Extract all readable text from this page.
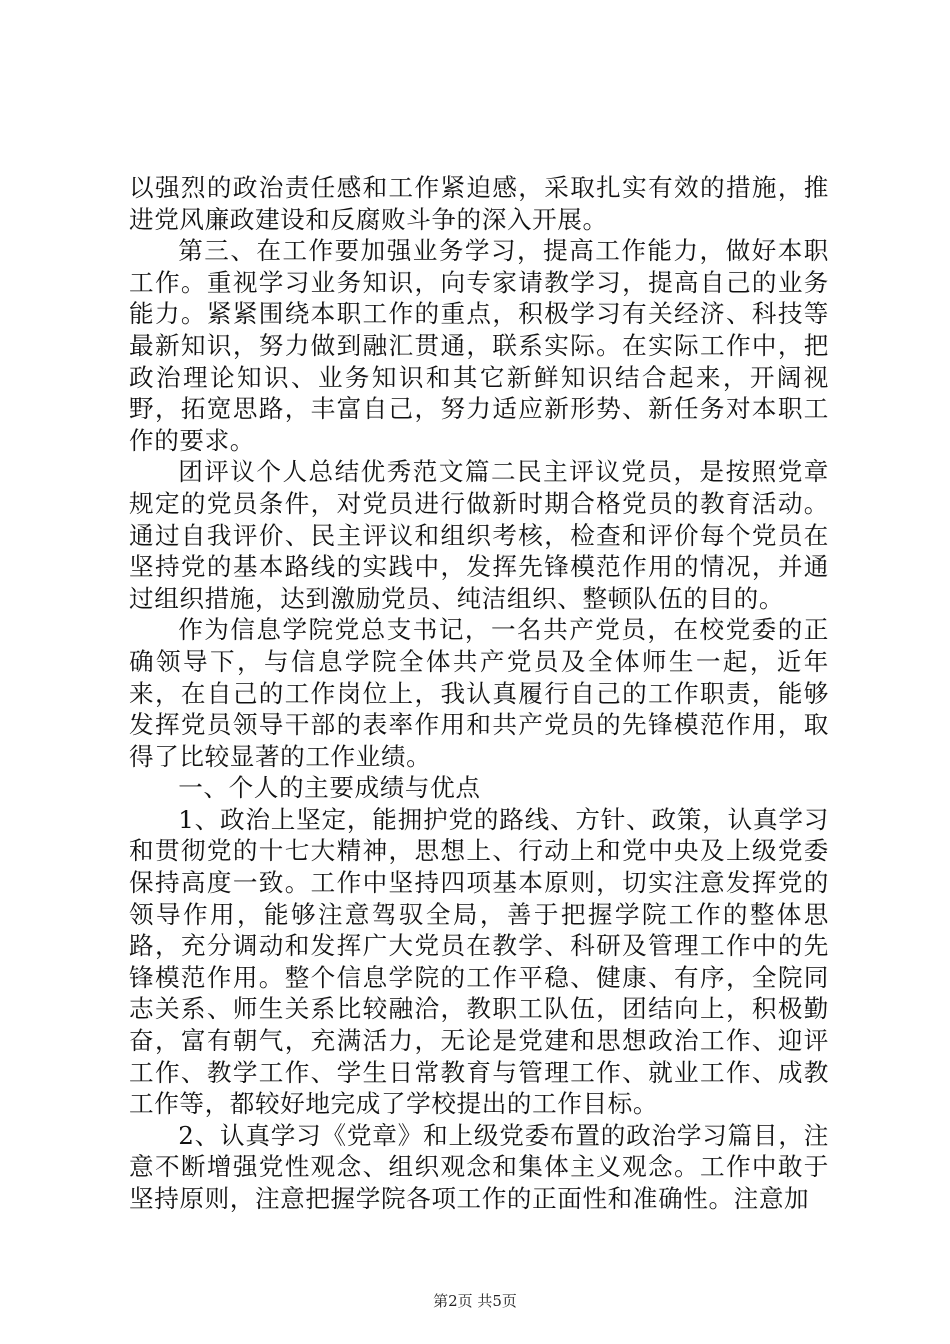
以强烈的政治责任感和工作紧迫感，采取扎实有效的措施，推进党风廉政建设和反腐败斗争的深入开展。

第三、在工作要加强业务学习，提高工作能力，做好本职工作。重视学习业务知识，向专家请教学习，提高自己的业务能力。紧紧围绕本职工作的重点，积极学习有关经济、科技等最新知识，努力做到融汇贯通，联系实际。在实际工作中，把政治理论知识、业务知识和其它新鲜知识结合起来，开阔视野，拓宽思路，丰富自己，努力适应新形势、新任务对本职工作的要求。

团评议个人总结优秀范文篇二民主评议党员，是按照党章规定的党员条件，对党员进行做新时期合格党员的教育活动。通过自我评价、民主评议和组织考核，检查和评价每个党员在坚持党的基本路线的实践中，发挥先锋模范作用的情况，并通过组织措施，达到激励党员、纯洁组织、整顿队伍的目的。

作为信息学院党总支书记，一名共产党员，在校党委的正确领导下，与信息学院全体共产党员及全体师生一起，近年来，在自己的工作岗位上，我认真履行自己的工作职责，能够发挥党员领导干部的表率作用和共产党员的先锋模范作用，取得了比较显著的工作业绩。

一、个人的主要成绩与优点

1、政治上坚定，能拥护党的路线、方针、政策，认真学习和贯彻党的十七大精神，思想上、行动上和党中央及上级党委保持高度一致。工作中坚持四项基本原则，切实注意发挥党的领导作用，能够注意驾驭全局，善于把握学院工作的整体思路，充分调动和发挥广大党员在教学、科研及管理工作中的先锋模范作用。整个信息学院的工作平稳、健康、有序，全院同志关系、师生关系比较融洽，教职工队伍，团结向上，积极勤奋，富有朝气，充满活力，无论是党建和思想政治工作、迎评工作、教学工作、学生日常教育与管理工作、就业工作、成教工作等，都较好地完成了学校提出的工作目标。

2、认真学习《党章》和上级党委布置的政治学习篇目，注意不断增强党性观念、组织观念和集体主义观念。工作中敢于坚持原则，注意把握学院各项工作的正面性和准确性。注意加

第2页 共5页
